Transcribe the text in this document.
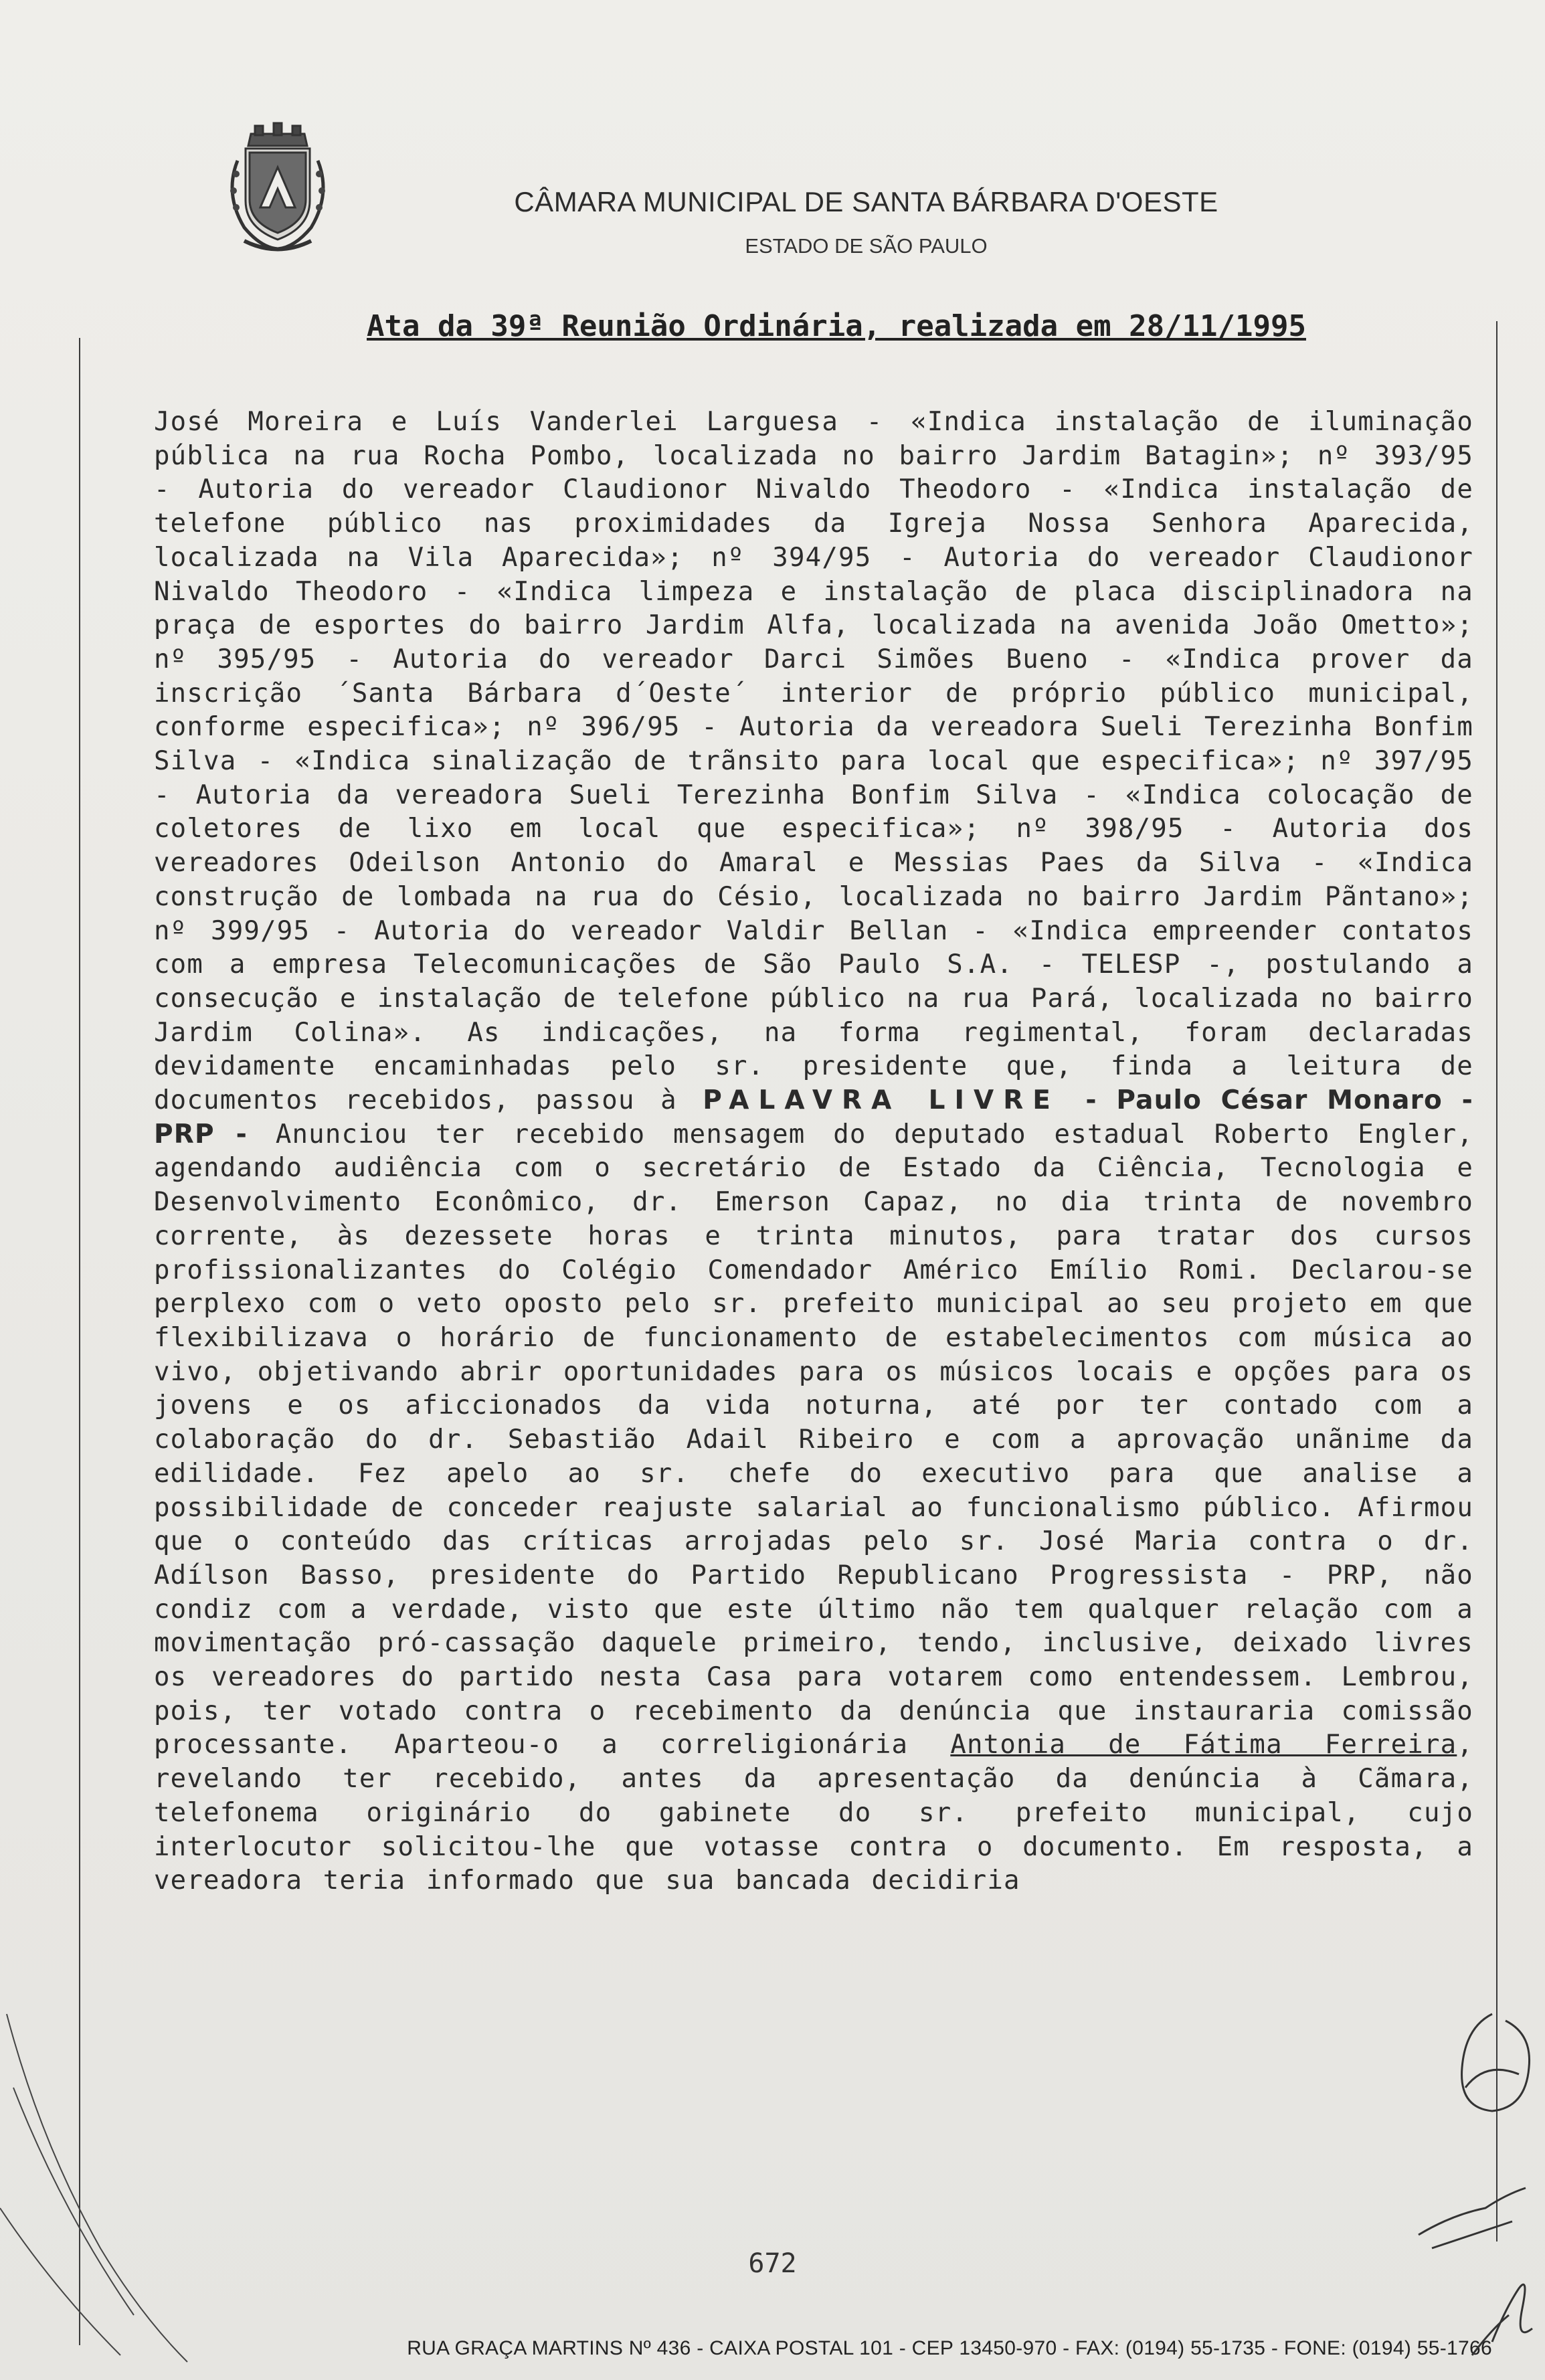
CÂMARA MUNICIPAL DE SANTA BÁRBARA D'OESTE
ESTADO DE SÃO PAULO
Ata da 39ª Reunião Ordinária, realizada em 28/11/1995

José Moreira e Luís Vanderlei Larguesa - «Indica instalação de iluminação pública na rua Rocha Pombo, localizada no bairro Jardim Batagin»; nº 393/95 - Autoria do vereador Claudionor Nivaldo Theodoro - «Indica instalação de telefone público nas proximidades da Igreja Nossa Senhora Aparecida, localizada na Vila Aparecida»; nº 394/95 - Autoria do vereador Claudionor Nivaldo Theodoro - «Indica limpeza e instalação de placa disciplinadora na praça de esportes do bairro Jardim Alfa, localizada na avenida João Ometto»; nº 395/95 - Autoria do vereador Darci Simões Bueno - «Indica prover da inscrição ´Santa Bárbara d´Oeste´ interior de próprio público municipal, conforme especifica»; nº 396/95 - Autoria da vereadora Sueli Terezinha Bonfim Silva - «Indica sinalização de trãnsito para local que especifica»; nº 397/95 - Autoria da vereadora Sueli Terezinha Bonfim Silva - «Indica colocação de coletores de lixo em local que especifica»; nº 398/95 - Autoria dos vereadores Odeilson Antonio do Amaral e Messias Paes da Silva - «Indica construção de lombada na rua do Césio, localizada no bairro Jardim Pãntano»; nº 399/95 - Autoria do vereador Valdir Bellan - «Indica empreender contatos com a empresa Telecomunicações de São Paulo S.A. - TELESP -, postulando a consecução e instalação de telefone público na rua Pará, localizada no bairro Jardim Colina». As indicações, na forma regimental, foram declaradas devidamente encaminhadas pelo sr. presidente que, finda a leitura de documentos recebidos, passou à PALAVRA LIVRE - Paulo César Monaro - PRP - Anunciou ter recebido mensagem do deputado estadual Roberto Engler, agendando audiência com o secretário de Estado da Ciência, Tecnologia e Desenvolvimento Econômico, dr. Emerson Capaz, no dia trinta de novembro corrente, às dezessete horas e trinta minutos, para tratar dos cursos profissionalizantes do Colégio Comendador Américo Emílio Romi. Declarou-se perplexo com o veto oposto pelo sr. prefeito municipal ao seu projeto em que flexibilizava o horário de funcionamento de estabelecimentos com música ao vivo, objetivando abrir oportunidades para os músicos locais e opções para os jovens e os aficcionados da vida noturna, até por ter contado com a colaboração do dr. Sebastião Adail Ribeiro e com a aprovação unãnime da edilidade. Fez apelo ao sr. chefe do executivo para que analise a possibilidade de conceder reajuste salarial ao funcionalismo público. Afirmou que o conteúdo das críticas arrojadas pelo sr. José Maria contra o dr. Adílson Basso, presidente do Partido Republicano Progressista - PRP, não condiz com a verdade, visto que este último não tem qualquer relação com a movimentação pró-cassação daquele primeiro, tendo, inclusive, deixado livres os vereadores do partido nesta Casa para votarem como entendessem. Lembrou, pois, ter votado contra o recebimento da denúncia que instauraria comissão processante. Aparteou-o a correligionária Antonia de Fátima Ferreira, revelando ter recebido, antes da apresentação da denúncia à Cãmara, telefonema originário do gabinete do sr. prefeito municipal, cujo interlocutor solicitou-lhe que votasse contra o documento. Em resposta, a vereadora teria informado que sua bancada decidiria

672
RUA GRAÇA MARTINS Nº 436 - CAIXA POSTAL 101 - CEP 13450-970 - FAX: (0194) 55-1735 - FONE: (0194) 55-1766
